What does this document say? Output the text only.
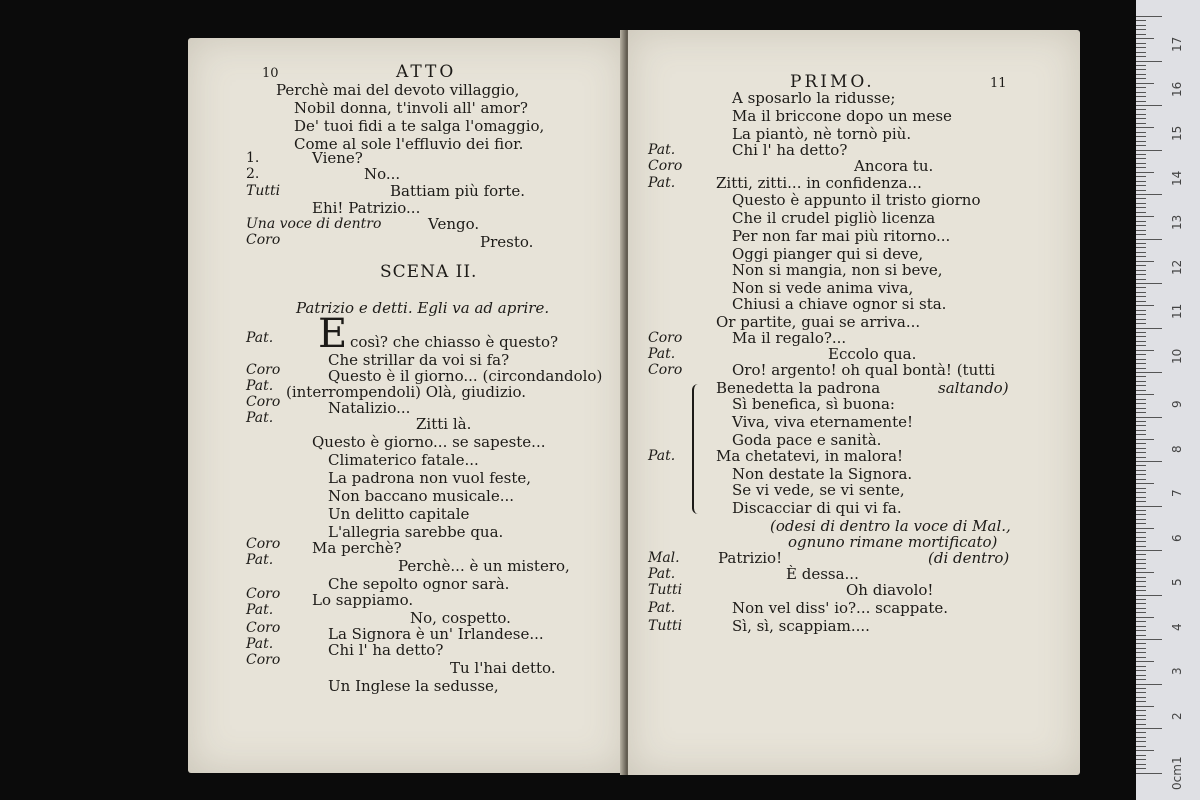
10	ATTO
Perchè mai del devoto villaggio,
Nobil donna, t'involi all' amor?
De' tuoi fidi a te salga l'omaggio,
Come al sole l'effluvio dei fior.
1.	Viene?
2.	No...
Tutti	Battiam più forte.
Ehi! Patrizio...
Una voce di dentro	Vengo.
Coro	Presto.
SCENA II.
Patrizio e detti. Egli va ad aprire.
E
Pat.	così? che chiasso è questo?
Che strillar da voi si fa?
Coro	Questo è il giorno... (circondandolo)
Pat. (interrompendoli) Olà, giudizio.
Coro	Natalizio...
Pat.	Zitti là.
Questo è giorno... se sapeste...
Climaterico fatale...
La padrona non vuol feste,
Non baccano musicale...
Un delitto capitale
L'allegria sarebbe qua.
Coro Ma perchè?
Pat.	Perchè... è un mistero,
Che sepolto ognor sarà.
Coro Lo sappiamo.
Pat.	No, cospetto.
Coro	La Signora è un' Irlandese...
Pat.	Chi l' ha detto?
Coro	Tu l'hai detto.
Un Inglese la sedusse,
PRIMO.	11
A sposarlo la ridusse;
Ma il briccone dopo un mese
La piantò, nè tornò più.
Pat.	Chi l' ha detto?
Coro	Ancora tu.
Pat.	Zitti, zitti... in confidenza...
Questo è appunto il tristo giorno
Che il crudel pigliò licenza
Per non far mai più ritorno...
Oggi pianger qui si deve,
Non si mangia, non si beve,
Non si vede anima viva,
Chiusi a chiave ognor si sta.
Or partite, guai se arriva...
Coro	Ma il regalo?...
Pat.	Eccolo qua.
Coro	Oro! argento! oh qual bontà! (tutti
Benedetta la padrona	saltando)
Sì benefica, sì buona:
Viva, viva eternamente!
Goda pace e sanità.
Pat.	Ma chetatevi, in malora!
Non destate la Signora.
Se vi vede, se vi sente,
Discacciar di qui vi fa.
(odesi di dentro la voce di Mal.,
ognuno rimane mortificato)
Mal.	Patrizio!	(di dentro)
Pat.	È dessa...
Tutti	Oh diavolo!
Pat.	Non vel diss' io?... scappate.
Tutti	Sì, sì, scappiam....
17
16
15
14
13
12
11
10
9
8
7
6
5
4
3
2
1
0cm
